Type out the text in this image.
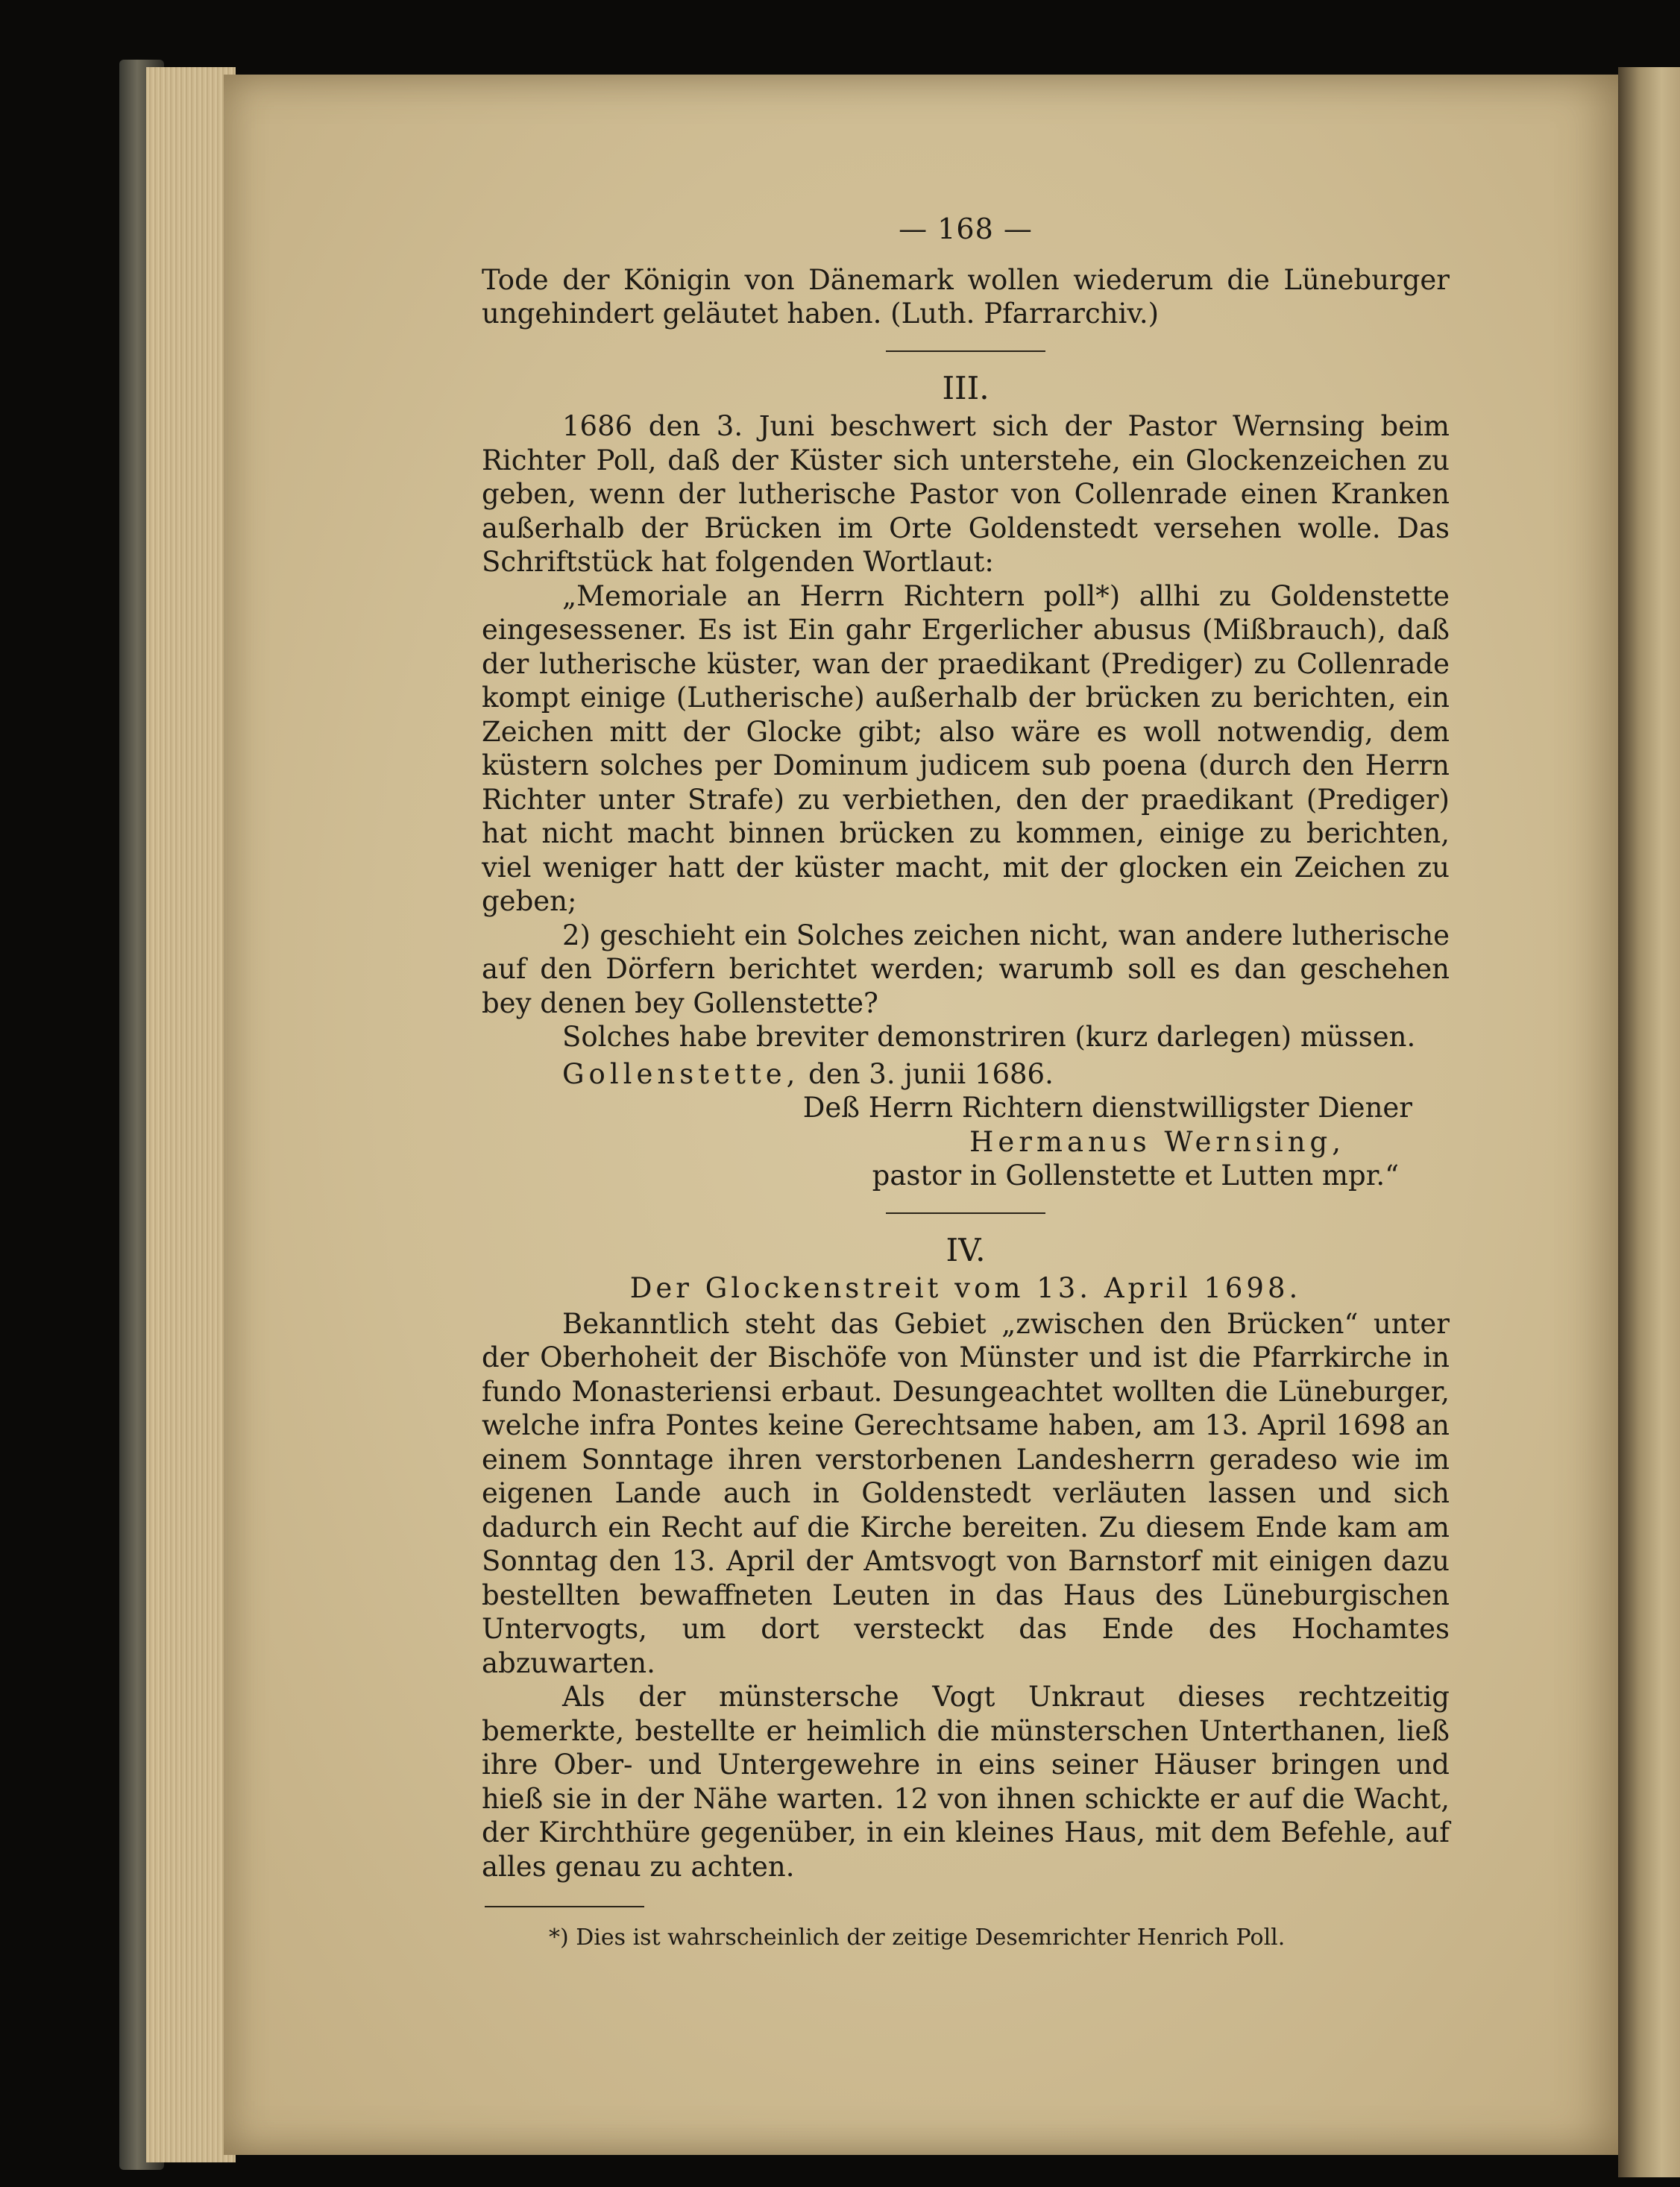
— 168 —

Tode der Königin von Dänemark wollen wiederum die Lüneburger ungehindert geläutet haben. (Luth. Pfarrarchiv.)

III.

1686 den 3. Juni beschwert sich der Pastor Wernsing beim Richter Poll, daß der Küster sich unterstehe, ein Glockenzeichen zu geben, wenn der lutherische Pastor von Collenrade einen Kranken außerhalb der Brücken im Orte Goldenstedt versehen wolle. Das Schriftstück hat folgenden Wortlaut:

„Memoriale an Herrn Richtern poll*) allhi zu Goldenstette eingesessener. Es ist Ein gahr Ergerlicher abusus (Mißbrauch), daß der lutherische küster, wan der praedikant (Prediger) zu Collenrade kompt einige (Lutherische) außerhalb der brücken zu berichten, ein Zeichen mitt der Glocke gibt; also wäre es woll notwendig, dem küstern solches per Dominum judicem sub poena (durch den Herrn Richter unter Strafe) zu verbiethen, den der praedikant (Prediger) hat nicht macht binnen brücken zu kommen, einige zu berichten, viel weniger hatt der küster macht, mit der glocken ein Zeichen zu geben;

2) geschieht ein Solches zeichen nicht, wan andere lutherische auf den Dörfern berichtet werden; warumb soll es dan geschehen bey denen bey Gollenstette?

Solches habe breviter demonstriren (kurz darlegen) müssen.

Gollenstette, den 3. junii 1686.
Deß Herrn Richtern dienstwilligster Diener
Hermanus Wernsing,
pastor in Gollenstette et Lutten mpr.“
IV.
Der Glockenstreit vom 13. April 1698.

Bekanntlich steht das Gebiet „zwischen den Brücken“ unter der Oberhoheit der Bischöfe von Münster und ist die Pfarrkirche in fundo Monasteriensi erbaut. Desungeachtet wollten die Lüneburger, welche infra Pontes keine Gerechtsame haben, am 13. April 1698 an einem Sonntage ihren verstorbenen Landesherrn geradeso wie im eigenen Lande auch in Goldenstedt verläuten lassen und sich dadurch ein Recht auf die Kirche bereiten. Zu diesem Ende kam am Sonntag den 13. April der Amtsvogt von Barnstorf mit einigen dazu bestellten bewaffneten Leuten in das Haus des Lüneburgischen Untervogts, um dort versteckt das Ende des Hochamtes abzuwarten.

Als der münstersche Vogt Unkraut dieses rechtzeitig bemerkte, bestellte er heimlich die münsterschen Unterthanen, ließ ihre Ober- und Untergewehre in eins seiner Häuser bringen und hieß sie in der Nähe warten. 12 von ihnen schickte er auf die Wacht, der Kirchthüre gegenüber, in ein kleines Haus, mit dem Befehle, auf alles genau zu achten.

*) Dies ist wahrscheinlich der zeitige Desemrichter Henrich Poll.
